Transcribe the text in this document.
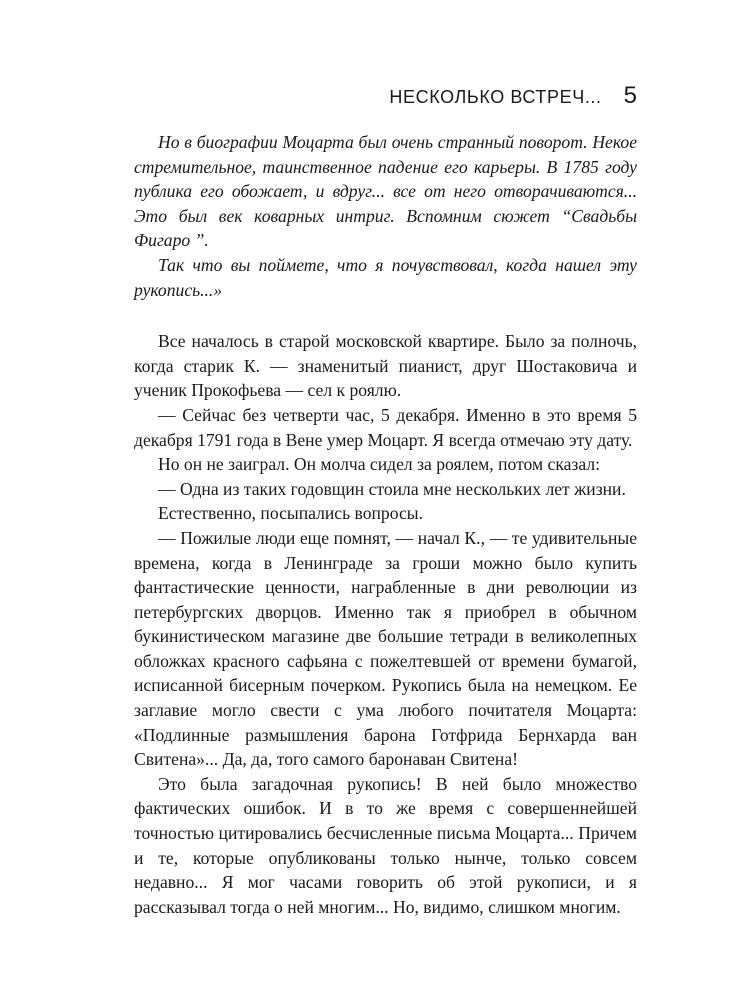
НЕСКОЛЬКО ВСТРЕЧ... 5

Но в биографии Моцарта был очень странный поворот. Некое стремительное, таинственное падение его карьеры. В 1785 году публика его обожает, и вдруг... все от него отворачиваются... Это был век коварных интриг. Вспомним сюжет “Свадьбы Фигаро ”.

Так что вы поймете, что я почувствовал, когда нашел эту рукопись...»

Все началось в старой московской квартире. Было за полночь, когда старик К. — знаменитый пианист, друг Шостаковича и ученик Прокофьева — сел к роялю.

— Сейчас без четверти час, 5 декабря. Именно в это время 5 декабря 1791 года в Вене умер Моцарт. Я всегда отмечаю эту дату.

Но он не заиграл. Он молча сидел за роялем, потом сказал:

— Одна из таких годовщин стоила мне нескольких лет жизни.

Естественно, посыпались вопросы.

— Пожилые люди еще помнят, — начал К., — те удивительные времена, когда в Ленинграде за гроши можно было купить фантастические ценности, награбленные в дни революции из петербургских дворцов. Именно так я приобрел в обычном букинистическом магазине две большие тетради в великолепных обложках красного сафьяна с пожелтевшей от времени бумагой, исписанной бисерным почерком. Рукопись была на немецком. Ее заглавие могло свести с ума любого почитателя Моцарта: «Подлинные размышления барона Готфрида Бернхарда ван Свитена»... Да, да, того самого баронаван Свитена!

Это была загадочная рукопись! В ней было множество фактических ошибок. И в то же время с совершеннейшей точностью цитировались бесчисленные письма Моцарта... Причем и те, которые опубликованы только нынче, только совсем недавно... Я мог часами говорить об этой рукописи, и я рассказывал тогда о ней многим... Но, видимо, слишком многим.
